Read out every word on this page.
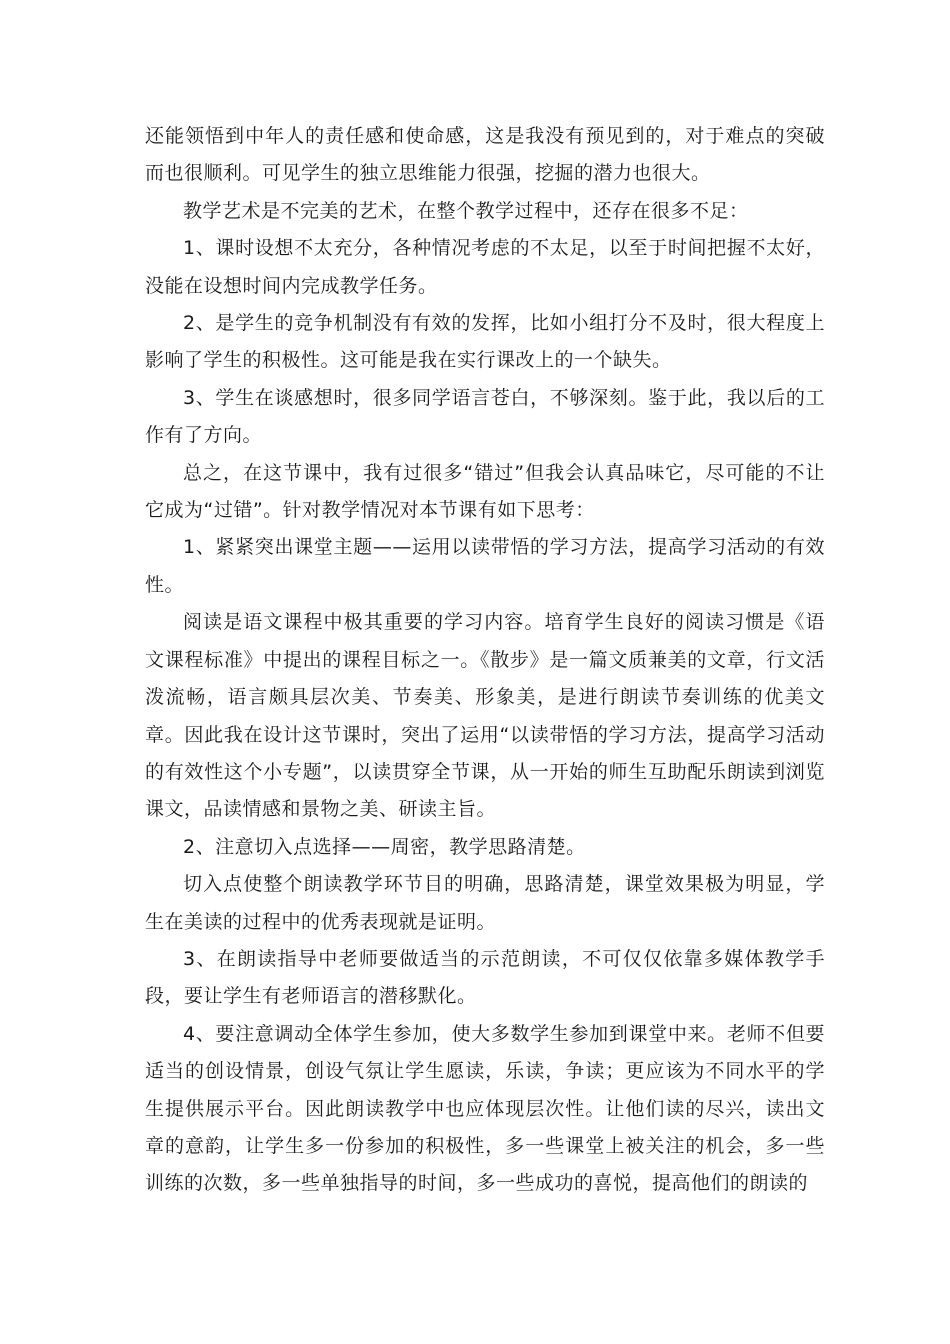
还能领悟到中年人的责任感和使命感，这是我没有预见到的，对于难点的突破而也很顺利。可见学生的独立思维能力很强，挖掘的潜力也很大。

教学艺术是不完美的艺术，在整个教学过程中，还存在很多不足：

1、课时设想不太充分，各种情况考虑的不太足，以至于时间把握不太好，没能在设想时间内完成教学任务。

2、是学生的竞争机制没有有效的发挥，比如小组打分不及时，很大程度上影响了学生的积极性。这可能是我在实行课改上的一个缺失。

3、学生在谈感想时，很多同学语言苍白，不够深刻。鉴于此，我以后的工作有了方向。

总之，在这节课中，我有过很多“错过”但我会认真品味它，尽可能的不让它成为“过错”。针对教学情况对本节课有如下思考：

1、紧紧突出课堂主题——运用以读带悟的学习方法，提高学习活动的有效性。

阅读是语文课程中极其重要的学习内容。培育学生良好的阅读习惯是《语文课程标准》中提出的课程目标之一。《散步》是一篇文质兼美的文章，行文活泼流畅，语言颇具层次美、节奏美、形象美，是进行朗读节奏训练的优美文章。因此我在设计这节课时，突出了运用“以读带悟的学习方法，提高学习活动的有效性这个小专题”，以读贯穿全节课，从一开始的师生互助配乐朗读到浏览课文，品读情感和景物之美、研读主旨。

2、注意切入点选择——周密，教学思路清楚。

切入点使整个朗读教学环节目的明确，思路清楚，课堂效果极为明显，学生在美读的过程中的优秀表现就是证明。

3、在朗读指导中老师要做适当的示范朗读，不可仅仅依靠多媒体教学手段，要让学生有老师语言的潜移默化。

4、要注意调动全体学生参加，使大多数学生参加到课堂中来。老师不但要适当的创设情景，创设气氛让学生愿读，乐读，争读；更应该为不同水平的学生提供展示平台。因此朗读教学中也应体现层次性。让他们读的尽兴，读出文章的意韵，让学生多一份参加的积极性，多一些课堂上被关注的机会，多一些训练的次数，多一些单独指导的时间，多一些成功的喜悦，提高他们的朗读的
